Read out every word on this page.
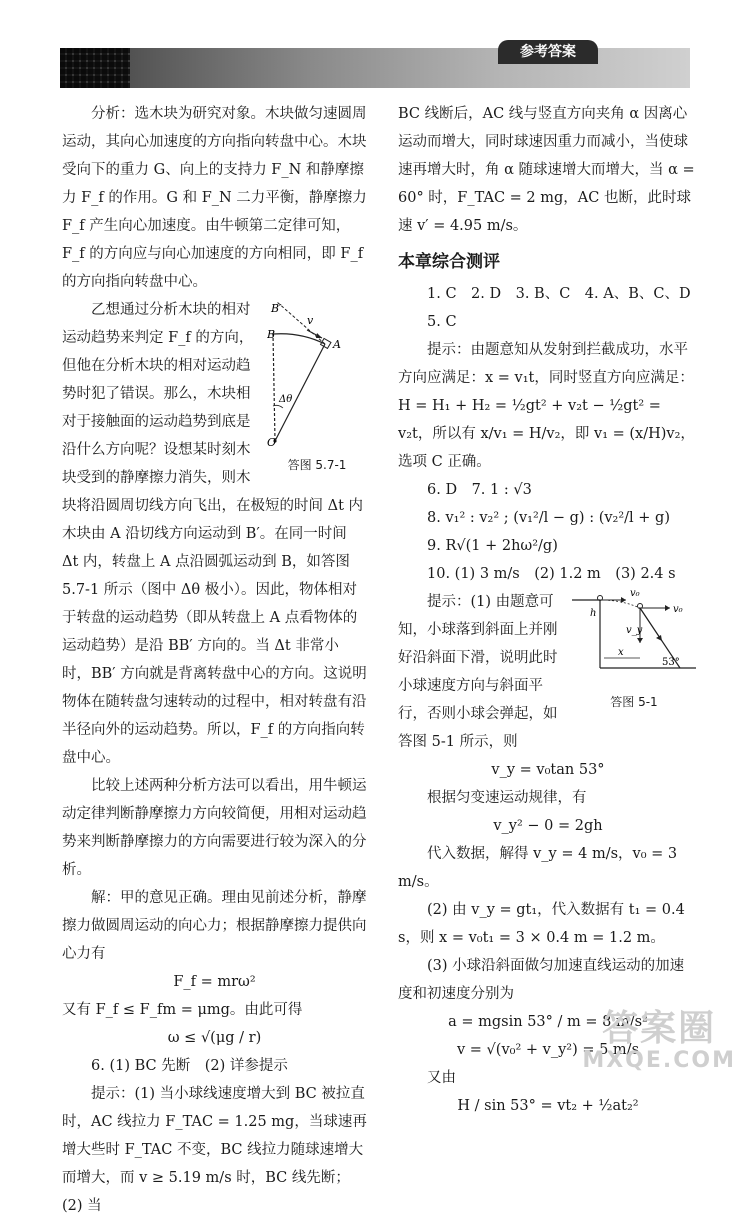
参考答案

分析：选木块为研究对象。木块做匀速圆周运动，其向心加速度的方向指向转盘中心。木块受向下的重力 G、向上的支持力 F_N 和静摩擦力 F_f 的作用。G 和 F_N 二力平衡，静摩擦力 F_f 产生向心加速度。由牛顿第二定律可知，F_f 的方向应与向心加速度的方向相同，即 F_f 的方向指向转盘中心。

B′
B
A
v
Δθ
O
答图 5.7-1

乙想通过分析木块的相对运动趋势来判定 F_f 的方向，但他在分析木块的相对运动趋势时犯了错误。那么，木块相对于接触面的运动趋势到底是沿什么方向呢？设想某时刻木块受到的静摩擦力消失，则木块将沿圆周切线方向飞出，在极短的时间 Δt 内木块由 A 沿切线方向运动到 B′。在同一时间 Δt 内，转盘上 A 点沿圆弧运动到 B，如答图 5.7-1 所示（图中 Δθ 极小）。因此，物体相对于转盘的运动趋势（即从转盘上 A 点看物体的运动趋势）是沿 BB′ 方向的。当 Δt 非常小时，BB′ 方向就是背离转盘中心的方向。这说明物体在随转盘匀速转动的过程中，相对转盘有沿半径向外的运动趋势。所以，F_f 的方向指向转盘中心。

比较上述两种分析方法可以看出，用牛顿运动定律判断静摩擦力方向较简便，用相对运动趋势来判断静摩擦力的方向需要进行较为深入的分析。

解：甲的意见正确。理由见前述分析，静摩擦力做圆周运动的向心力；根据静摩擦力提供向心力有

F_f = mrω²

又有 F_f ≤ F_fm = μmg。由此可得

ω ≤ √(μg / r)

6. (1) BC 先断　(2) 详参提示

提示：(1) 当小球线速度增大到 BC 被拉直时，AC 线拉力 F_TAC = 1.25 mg，当球速再增大些时 F_TAC 不变，BC 线拉力随球速增大而增大，而 v ≥ 5.19 m/s 时，BC 线先断；(2) 当

BC 线断后，AC 线与竖直方向夹角 α 因离心运动而增大，同时球速因重力而减小，当使球速再增大时，角 α 随球速增大而增大，当 α = 60° 时，F_TAC = 2 mg，AC 也断，此时球速 v′ = 4.95 m/s。

本章综合测评

1. C　2. D　3. B、C　4. A、B、C、D

5. C

提示：由题意知从发射到拦截成功，水平方向应满足：x = v₁t，同时竖直方向应满足：H = H₁ + H₂ = ½gt² + v₂t − ½gt² = v₂t，所以有 x/v₁ = H/v₂，即 v₁ = (x/H)v₂，选项 C 正确。

6. D　7. 1 : √3

8. v₁² : v₂² ; (v₁²/l − g) : (v₂²/l + g)

9. R√(1 + 2hω²/g)

10. (1) 3 m/s　(2) 1.2 m　(3) 2.4 s

v₀
h	v₀
v_y
x
53°
答图 5-1

提示：(1) 由题意可知，小球落到斜面上并刚好沿斜面下滑，说明此时小球速度方向与斜面平行，否则小球会弹起，如答图 5-1 所示，则

v_y = v₀tan 53°

根据匀变速运动规律，有

v_y² − 0 = 2gh

代入数据，解得 v_y = 4 m/s，v₀ = 3 m/s。

(2) 由 v_y = gt₁，代入数据有 t₁ = 0.4 s，则 x = v₀t₁ = 3 × 0.4 m = 1.2 m。

(3) 小球沿斜面做匀加速直线运动的加速度和初速度分别为

a = mgsin 53° / m = 8 m/s²

v = √(v₀² + v_y²) = 5 m/s

又由

H / sin 53° = vt₂ + ½at₂²

答案圈
MXQE.COM
